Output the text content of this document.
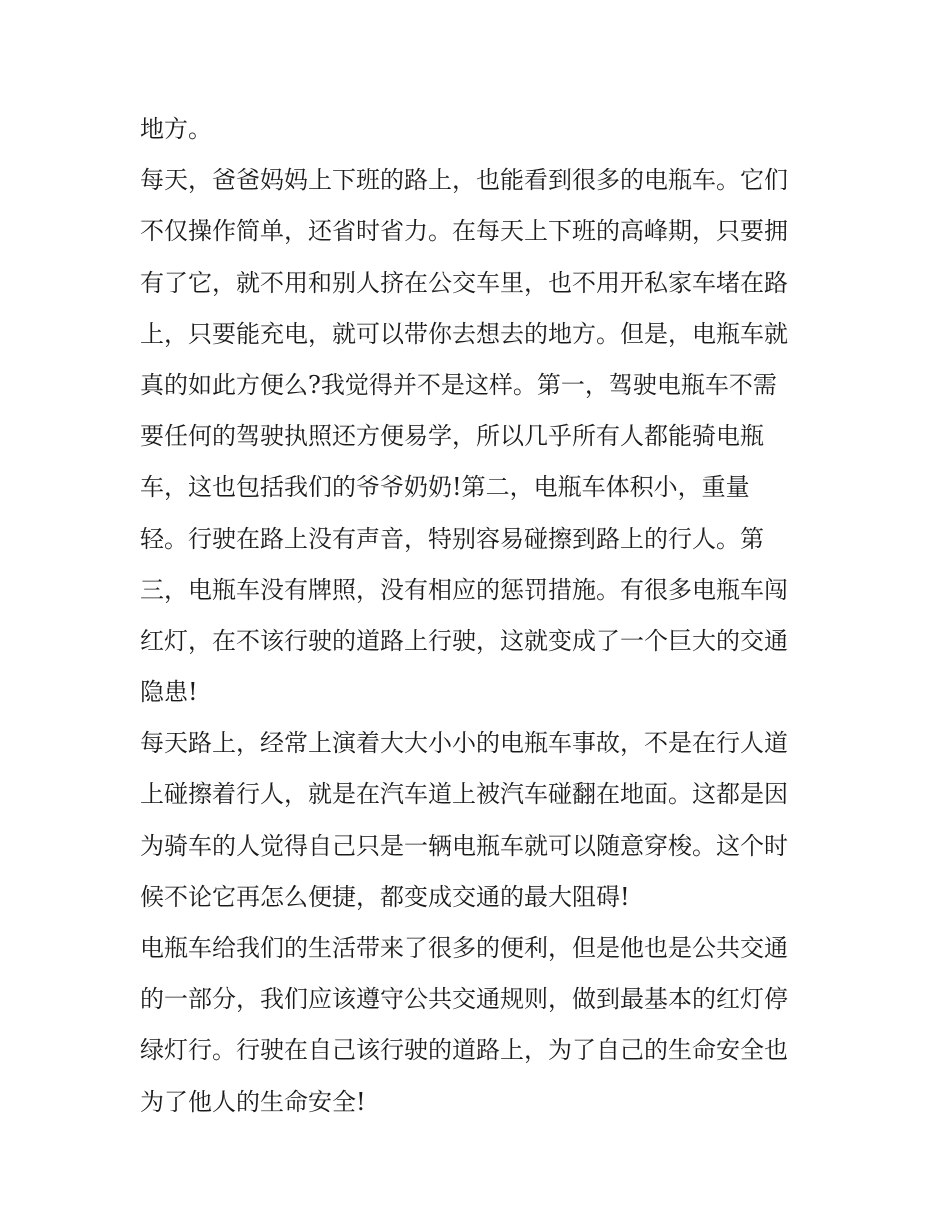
地方。
每天，爸爸妈妈上下班的路上，也能看到很多的电瓶车。它们
不仅操作简单，还省时省力。在每天上下班的高峰期，只要拥
有了它，就不用和别人挤在公交车里，也不用开私家车堵在路
上，只要能充电，就可以带你去想去的地方。但是，电瓶车就
真的如此方便么?我觉得并不是这样。第一，驾驶电瓶车不需
要任何的驾驶执照还方便易学，所以几乎所有人都能骑电瓶
车，这也包括我们的爷爷奶奶!第二，电瓶车体积小，重量
轻。行驶在路上没有声音，特别容易碰擦到路上的行人。第
三，电瓶车没有牌照，没有相应的惩罚措施。有很多电瓶车闯
红灯，在不该行驶的道路上行驶，这就变成了一个巨大的交通
隐患!
每天路上，经常上演着大大小小的电瓶车事故，不是在行人道
上碰擦着行人，就是在汽车道上被汽车碰翻在地面。这都是因
为骑车的人觉得自己只是一辆电瓶车就可以随意穿梭。这个时
候不论它再怎么便捷，都变成交通的最大阻碍!
电瓶车给我们的生活带来了很多的便利，但是他也是公共交通
的一部分，我们应该遵守公共交通规则，做到最基本的红灯停
绿灯行。行驶在自己该行驶的道路上，为了自己的生命安全也
为了他人的生命安全!
